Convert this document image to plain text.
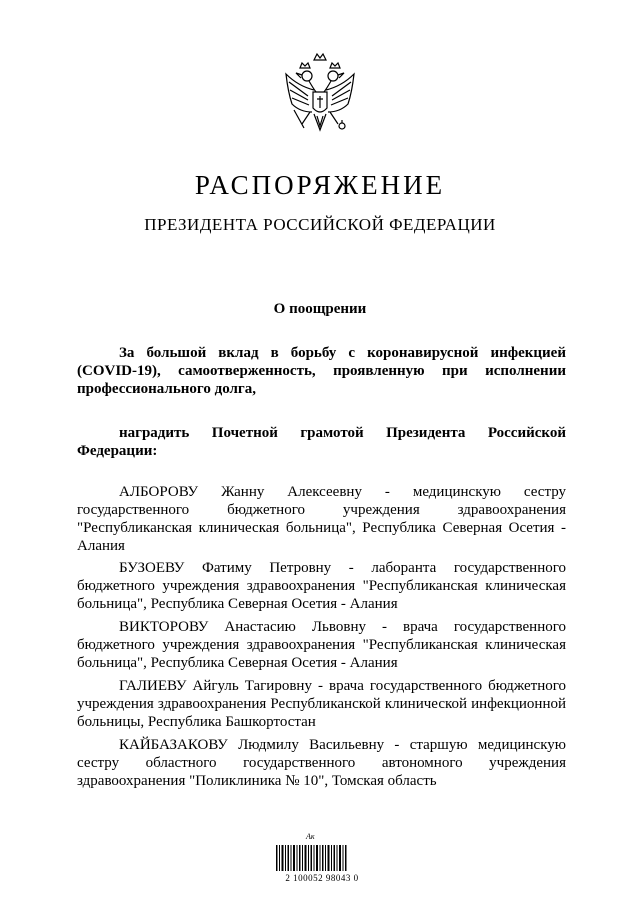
РАСПОРЯЖЕНИЕ
ПРЕЗИДЕНТА РОССИЙСКОЙ ФЕДЕРАЦИИ
О поощрении
За большой вклад в борьбу с коронавирусной инфекцией (COVID-19), самоотверженность, проявленную при исполнении профессионального долга,
наградить Почетной грамотой Президента Российской Федерации:
АЛБОРОВУ Жанну Алексеевну - медицинскую сестру государственного бюджетного учреждения здравоохранения "Республиканская клиническая больница", Республика Северная Осетия - Алания
БУЗОЕВУ Фатиму Петровну - лаборанта государственного бюджетного учреждения здравоохранения "Республиканская клиническая больница", Республика Северная Осетия - Алания
ВИКТОРОВУ Анастасию Львовну - врача государственного бюджетного учреждения здравоохранения "Республиканская клиническая больница", Республика Северная Осетия - Алания
ГАЛИЕВУ Айгуль Тагировну - врача государственного бюджетного учреждения здравоохранения Республиканской клинической инфекционной больницы, Республика Башкортостан
КАЙБАЗАКОВУ Людмилу Васильевну - старшую медицинскую сестру областного государственного автономного учреждения здравоохранения "Поликлиника № 10", Томская область
Ак
2 100052 98043 0
